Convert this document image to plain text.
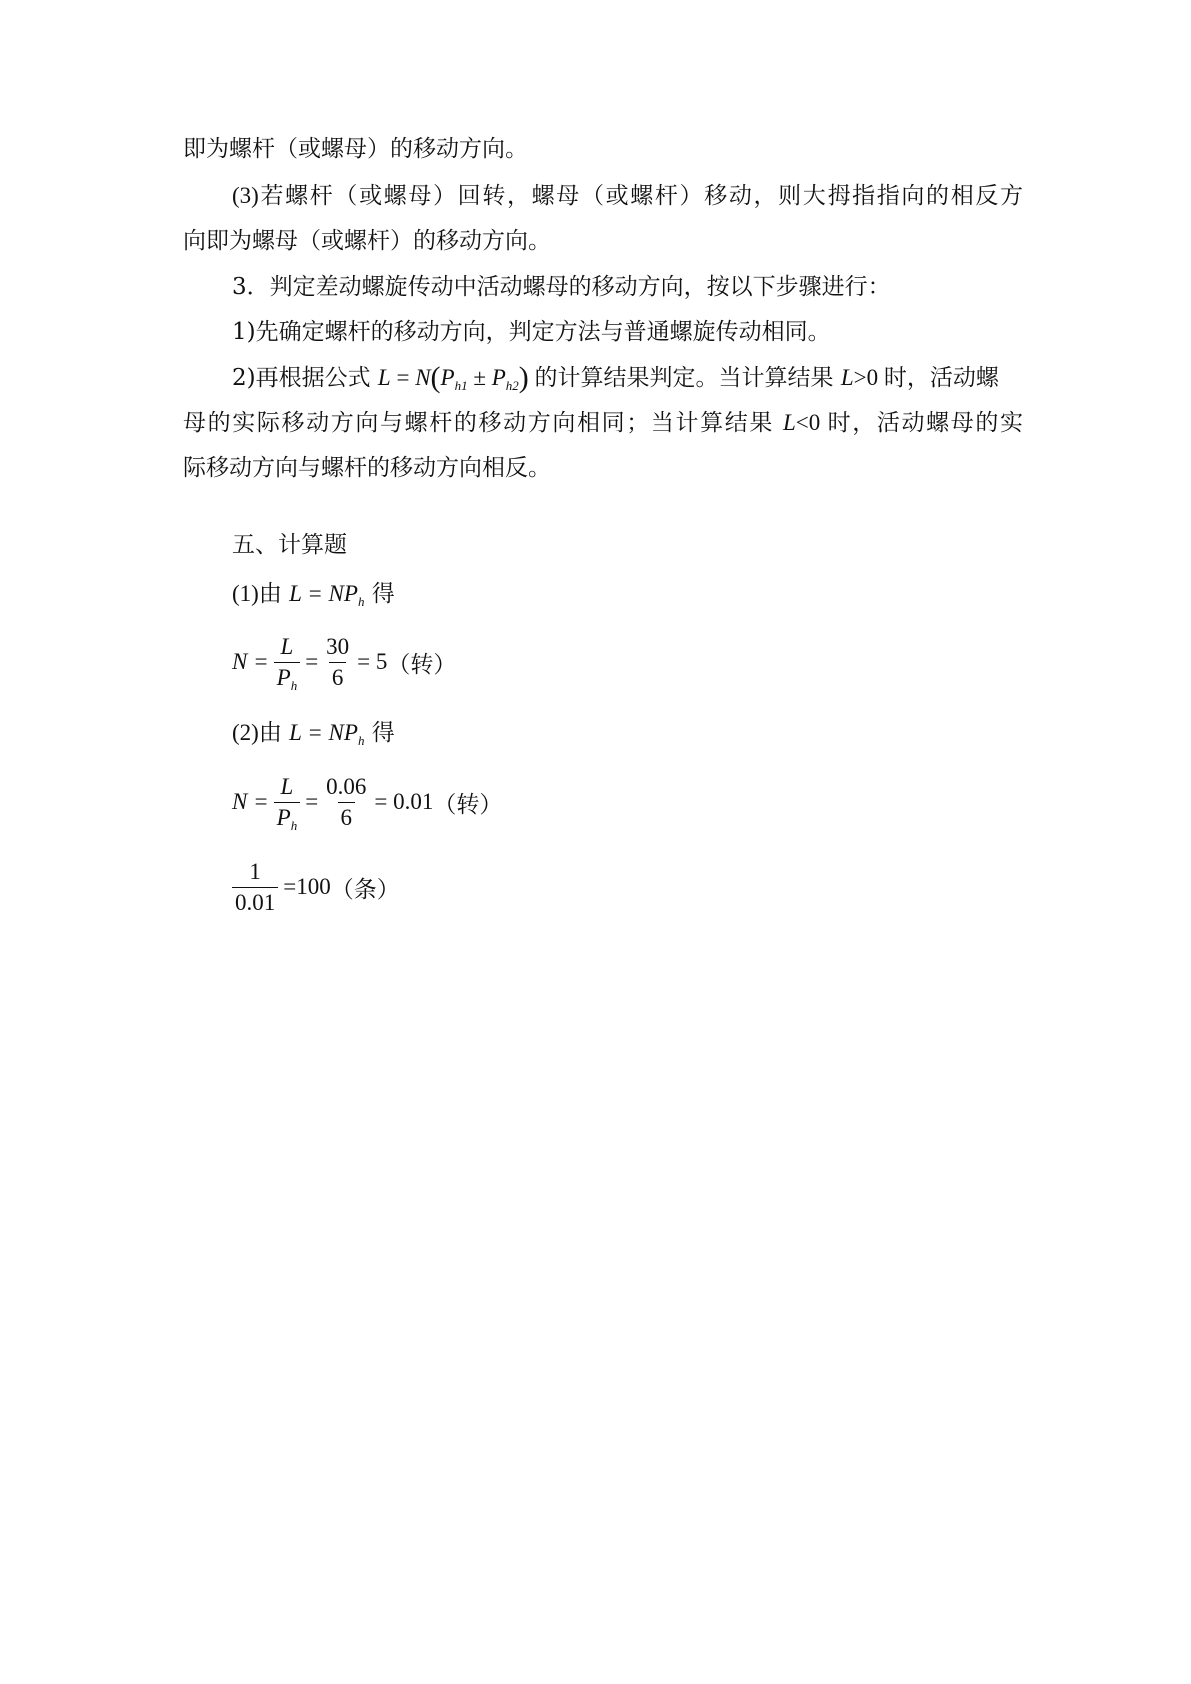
即为螺杆（或螺母）的移动方向。
(3)若螺杆（或螺母）回转，螺母（或螺杆）移动，则大拇指指向的相反方
向即为螺母（或螺杆）的移动方向。
3．判定差动螺旋传动中活动螺母的移动方向，按以下步骤进行：
1)先确定螺杆的移动方向，判定方法与普通螺旋传动相同。
2)再根据公式 $L = N(P_{h1} \pm P_{h2})$ 的计算结果判定。当计算结果 L>0 时，活动螺
母的实际移动方向与螺杆的移动方向相同；当计算结果 L<0 时，活动螺母的实
际移动方向与螺杆的移动方向相反。
五、计算题
(1)由 $L = NP_h$ 得
$N = \frac{L}{P_h} = \frac{30}{6} = 5$ （转）
(2)由 $L = NP_h$ 得
$N = \frac{L}{P_h} = \frac{0.06}{6} = 0.01$ （转）
$\frac{1}{0.01} =100$ （条）
